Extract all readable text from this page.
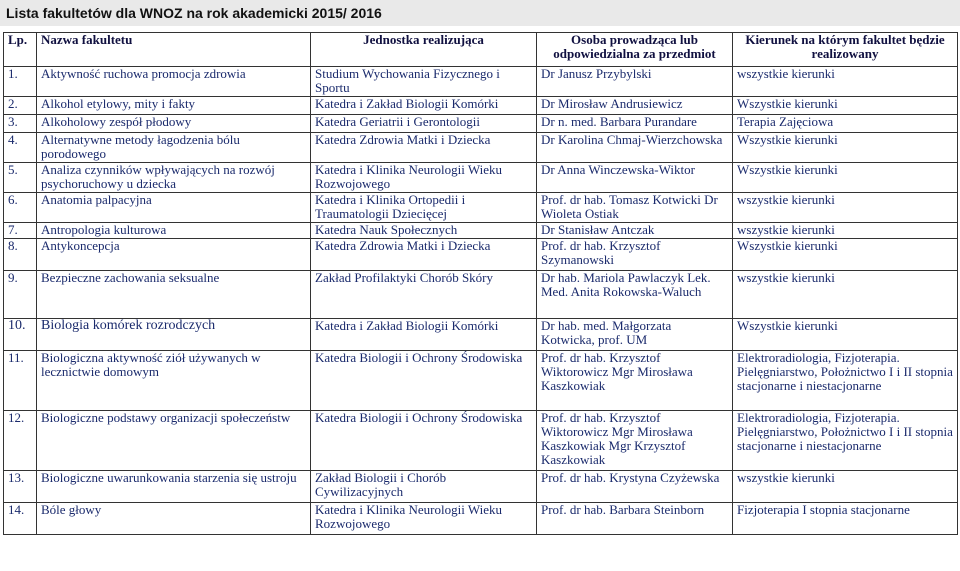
Lista fakultetów dla WNOZ na rok akademicki 2015/ 2016
Lp.	Nazwa fakultetu	Jednostka realizująca	Osoba prowadząca lub odpowiedzialna za przedmiot	Kierunek na którym fakultet będzie realizowany
1.	Aktywność ruchowa promocja zdrowia	Studium Wychowania Fizycznego i Sportu	Dr Janusz Przybylski	wszystkie kierunki
2.	Alkohol etylowy, mity i fakty	Katedra i Zakład Biologii Komórki	Dr Mirosław Andrusiewicz	Wszystkie kierunki
3.	Alkoholowy zespół płodowy	Katedra Geriatrii i Gerontologii	Dr n. med. Barbara Purandare	Terapia Zajęciowa
4.	Alternatywne metody łagodzenia bólu porodowego	Katedra Zdrowia Matki i Dziecka	Dr Karolina Chmaj-Wierzchowska	Wszystkie kierunki
5.	Analiza czynników wpływających na rozwój psychoruchowy u dziecka	Katedra i Klinika Neurologii Wieku Rozwojowego	Dr Anna Winczewska-Wiktor	Wszystkie kierunki
6.	Anatomia palpacyjna	Katedra i Klinika Ortopedii i Traumatologii Dziecięcej	Prof. dr hab. Tomasz Kotwicki Dr Wioleta Ostiak	wszystkie kierunki
7.	Antropologia kulturowa	Katedra Nauk Społecznych	Dr Stanisław Antczak	wszystkie kierunki
8.	Antykoncepcja	Katedra Zdrowia Matki i Dziecka	Prof. dr hab. Krzysztof Szymanowski	Wszystkie kierunki
9.	Bezpieczne zachowania seksualne	Zakład Profilaktyki Chorób Skóry	Dr hab. Mariola Pawlaczyk Lek. Med. Anita Rokowska-Waluch	wszystkie kierunki
10.	Biologia komórek rozrodczych	Katedra i Zakład Biologii Komórki	Dr hab. med. Małgorzata Kotwicka, prof. UM	Wszystkie kierunki
11.	Biologiczna aktywność ziół używanych w lecznictwie domowym	Katedra Biologii i Ochrony Środowiska	Prof. dr hab. Krzysztof Wiktorowicz Mgr Mirosława Kaszkowiak	Elektroradiologia, Fizjoterapia. Pielęgniarstwo, Położnictwo I i II stopnia stacjonarne i niestacjonarne
12.	Biologiczne podstawy organizacji społeczeństw	Katedra Biologii i Ochrony Środowiska	Prof. dr hab. Krzysztof Wiktorowicz Mgr Mirosława Kaszkowiak Mgr Krzysztof Kaszkowiak	Elektroradiologia, Fizjoterapia. Pielęgniarstwo, Położnictwo I i II stopnia stacjonarne i niestacjonarne
13.	Biologiczne uwarunkowania starzenia się ustroju	Zakład Biologii i Chorób Cywilizacyjnych	Prof. dr hab. Krystyna Czyżewska	wszystkie kierunki
14.	Bóle głowy	Katedra i Klinika Neurologii Wieku Rozwojowego	Prof. dr hab. Barbara Steinborn	Fizjoterapia I stopnia stacjonarne
